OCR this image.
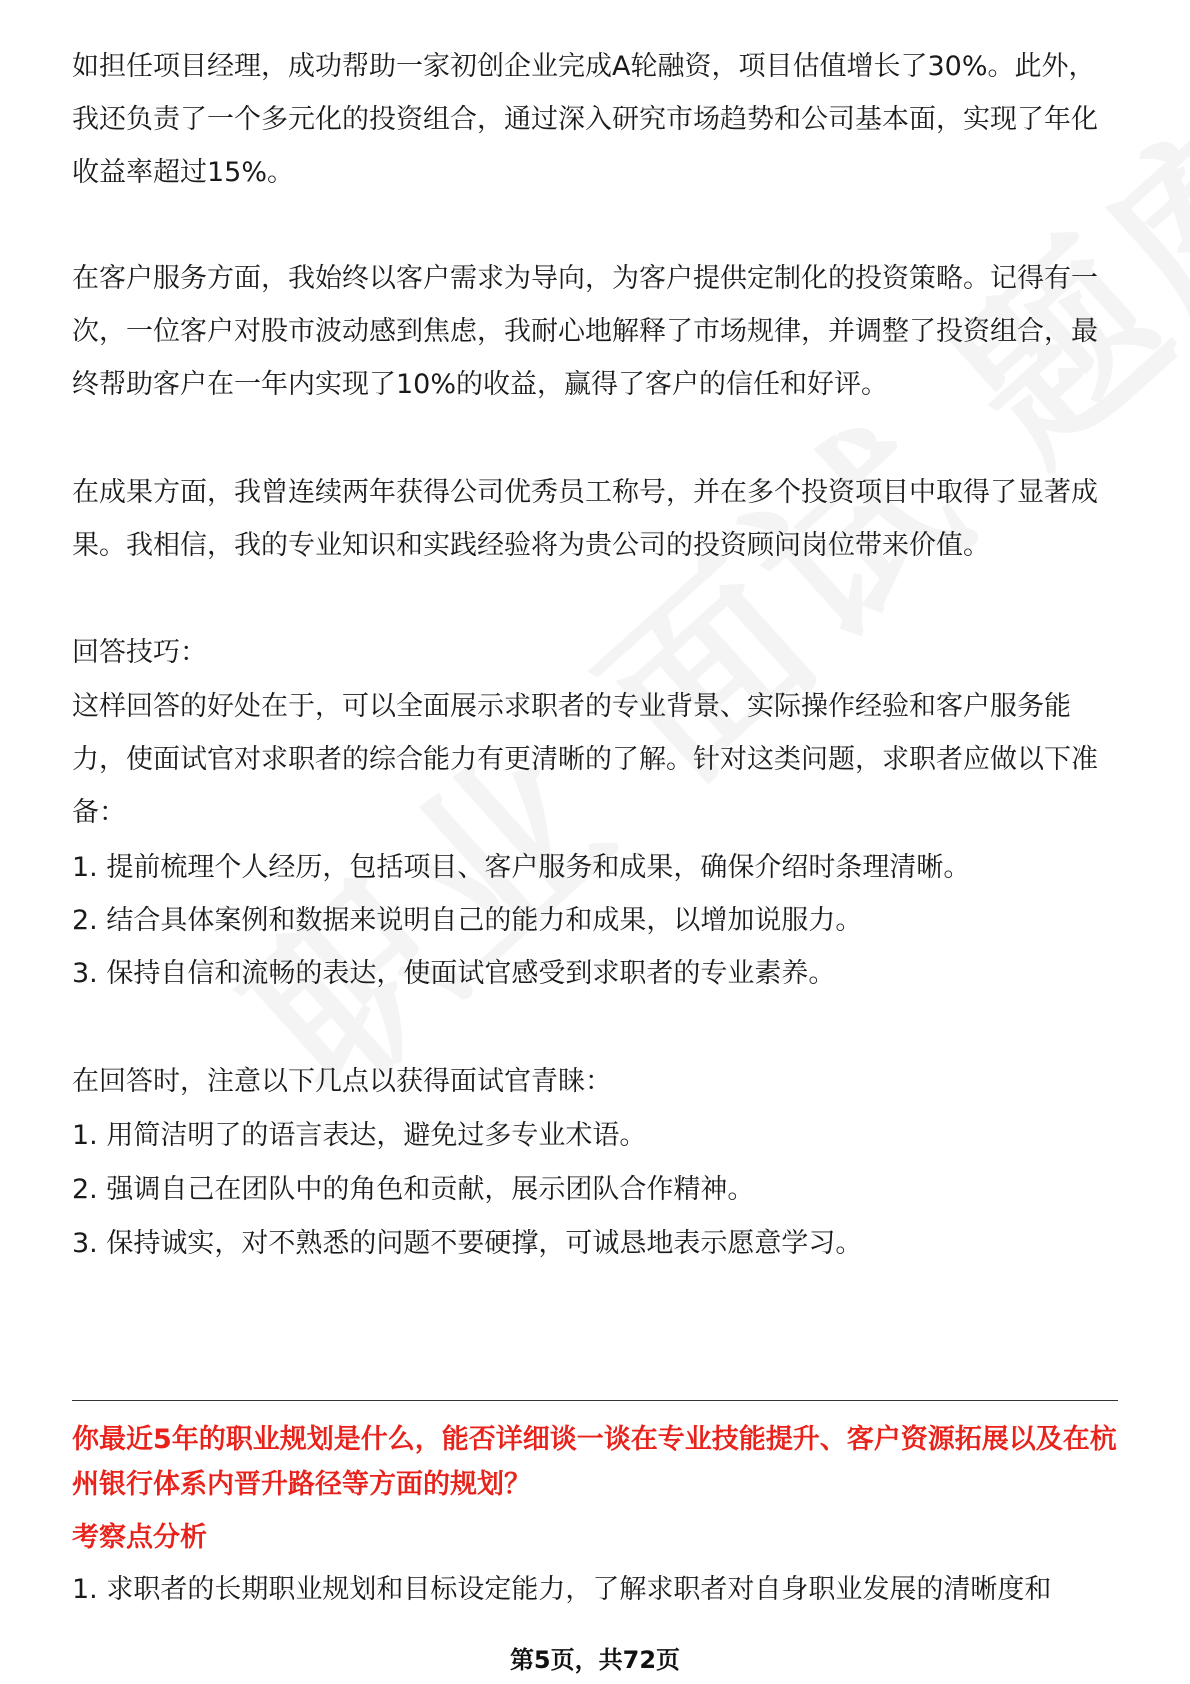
如担任项目经理，成功帮助一家初创企业完成A轮融资，项目估值增长了30%。此外，我还负责了一个多元化的投资组合，通过深入研究市场趋势和公司基本面，实现了年化收益率超过15%。

在客户服务方面，我始终以客户需求为导向，为客户提供定制化的投资策略。记得有一次，一位客户对股市波动感到焦虑，我耐心地解释了市场规律，并调整了投资组合，最终帮助客户在一年内实现了10%的收益，赢得了客户的信任和好评。

在成果方面，我曾连续两年获得公司优秀员工称号，并在多个投资项目中取得了显著成果。我相信，我的专业知识和实践经验将为贵公司的投资顾问岗位带来价值。

回答技巧：

这样回答的好处在于，可以全面展示求职者的专业背景、实际操作经验和客户服务能力，使面试官对求职者的综合能力有更清晰的了解。针对这类问题，求职者应做以下准备：

1. 提前梳理个人经历，包括项目、客户服务和成果，确保介绍时条理清晰。

2. 结合具体案例和数据来说明自己的能力和成果，以增加说服力。

3. 保持自信和流畅的表达，使面试官感受到求职者的专业素养。

在回答时，注意以下几点以获得面试官青睐：

1. 用简洁明了的语言表达，避免过多专业术语。

2. 强调自己在团队中的角色和贡献，展示团队合作精神。

3. 保持诚实，对不熟悉的问题不要硬撑，可诚恳地表示愿意学习。

你最近5年的职业规划是什么，能否详细谈一谈在专业技能提升、客户资源拓展以及在杭州银行体系内晋升路径等方面的规划？

考察点分析

1. 求职者的长期职业规划和目标设定能力，了解求职者对自身职业发展的清晰度和

第5页，共72页
